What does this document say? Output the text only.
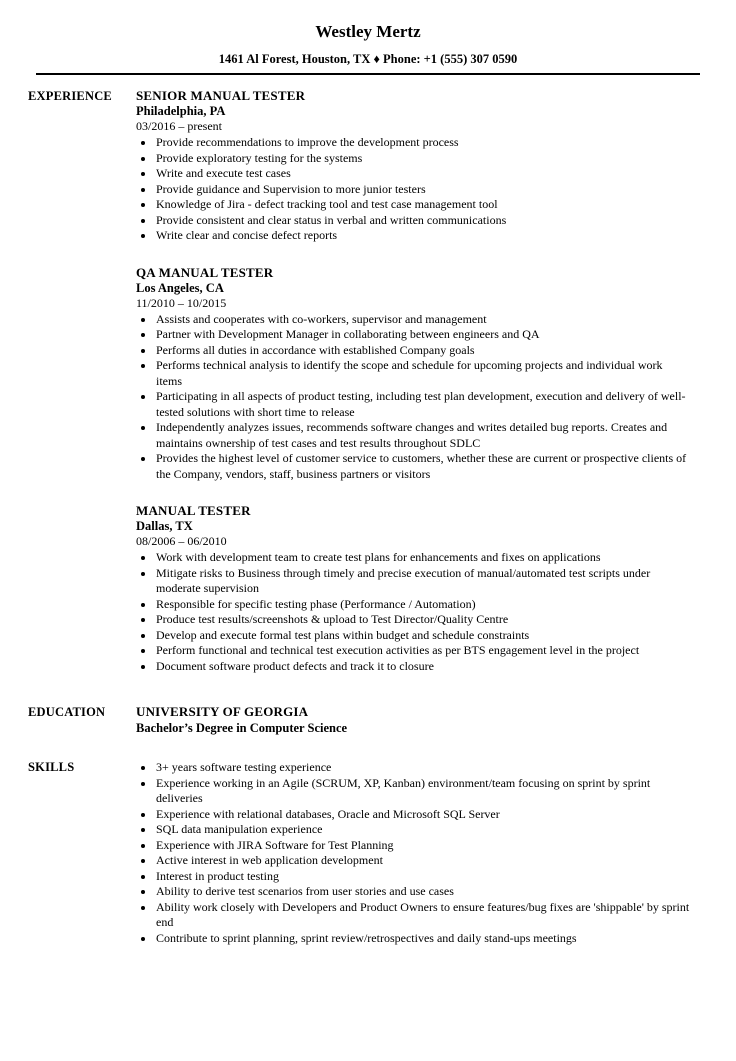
Westley Mertz
1461 Al Forest, Houston, TX ♦ Phone: +1 (555) 307 0590
EXPERIENCE	SENIOR MANUAL TESTER
Philadelphia, PA
03/2016 – present
• Provide recommendations to improve the development process
• Provide exploratory testing for the systems
• Write and execute test cases
• Provide guidance and Supervision to more junior testers
• Knowledge of Jira - defect tracking tool and test case management tool
• Provide consistent and clear status in verbal and written communications
• Write clear and concise defect reports
QA MANUAL TESTER
Los Angeles, CA
11/2010 – 10/2015
• Assists and cooperates with co-workers, supervisor and management
• Partner with Development Manager in collaborating between engineers and QA
• Performs all duties in accordance with established Company goals
• Performs technical analysis to identify the scope and schedule for upcoming projects and individual work items
• Participating in all aspects of product testing, including test plan development, execution and delivery of well-tested solutions with short time to release
• Independently analyzes issues, recommends software changes and writes detailed bug reports. Creates and maintains ownership of test cases and test results throughout SDLC
• Provides the highest level of customer service to customers, whether these are current or prospective clients of the Company, vendors, staff, business partners or visitors
MANUAL TESTER
Dallas, TX
08/2006 – 06/2010
• Work with development team to create test plans for enhancements and fixes on applications
• Mitigate risks to Business through timely and precise execution of manual/automated test scripts under moderate supervision
• Responsible for specific testing phase (Performance / Automation)
• Produce test results/screenshots & upload to Test Director/Quality Centre
• Develop and execute formal test plans within budget and schedule constraints
• Perform functional and technical test execution activities as per BTS engagement level in the project
• Document software product defects and track it to closure
EDUCATION	UNIVERSITY OF GEORGIA
Bachelor’s Degree in Computer Science
SKILLS	• 3+ years software testing experience
• Experience working in an Agile (SCRUM, XP, Kanban) environment/team focusing on sprint by sprint deliveries
• Experience with relational databases, Oracle and Microsoft SQL Server
• SQL data manipulation experience
• Experience with JIRA Software for Test Planning
• Active interest in web application development
• Interest in product testing
• Ability to derive test scenarios from user stories and use cases
• Ability work closely with Developers and Product Owners to ensure features/bug fixes are 'shippable' by sprint end
• Contribute to sprint planning, sprint review/retrospectives and daily stand-ups meetings
